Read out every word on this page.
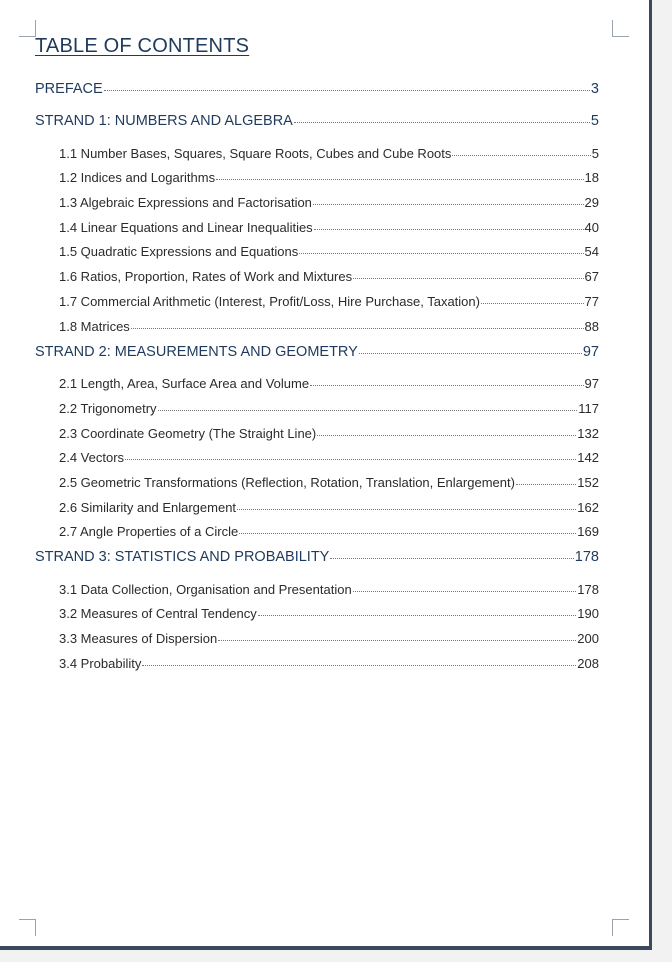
TABLE OF CONTENTS
PREFACE	3
STRAND 1: NUMBERS AND ALGEBRA	5
1.1 Number Bases, Squares, Square Roots, Cubes and Cube Roots	5
1.2 Indices and Logarithms	18
1.3 Algebraic Expressions and Factorisation	29
1.4 Linear Equations and Linear Inequalities	40
1.5 Quadratic Expressions and Equations	54
1.6 Ratios, Proportion, Rates of Work and Mixtures	67
1.7 Commercial Arithmetic (Interest, Profit/Loss, Hire Purchase, Taxation)	77
1.8 Matrices	88
STRAND 2: MEASUREMENTS AND GEOMETRY	97
2.1 Length, Area, Surface Area and Volume	97
2.2 Trigonometry	117
2.3 Coordinate Geometry (The Straight Line)	132
2.4 Vectors	142
2.5 Geometric Transformations (Reflection, Rotation, Translation, Enlargement)	152
2.6 Similarity and Enlargement	162
2.7 Angle Properties of a Circle	169
STRAND 3: STATISTICS AND PROBABILITY	178
3.1 Data Collection, Organisation and Presentation	178
3.2 Measures of Central Tendency	190
3.3 Measures of Dispersion	200
3.4 Probability	208
